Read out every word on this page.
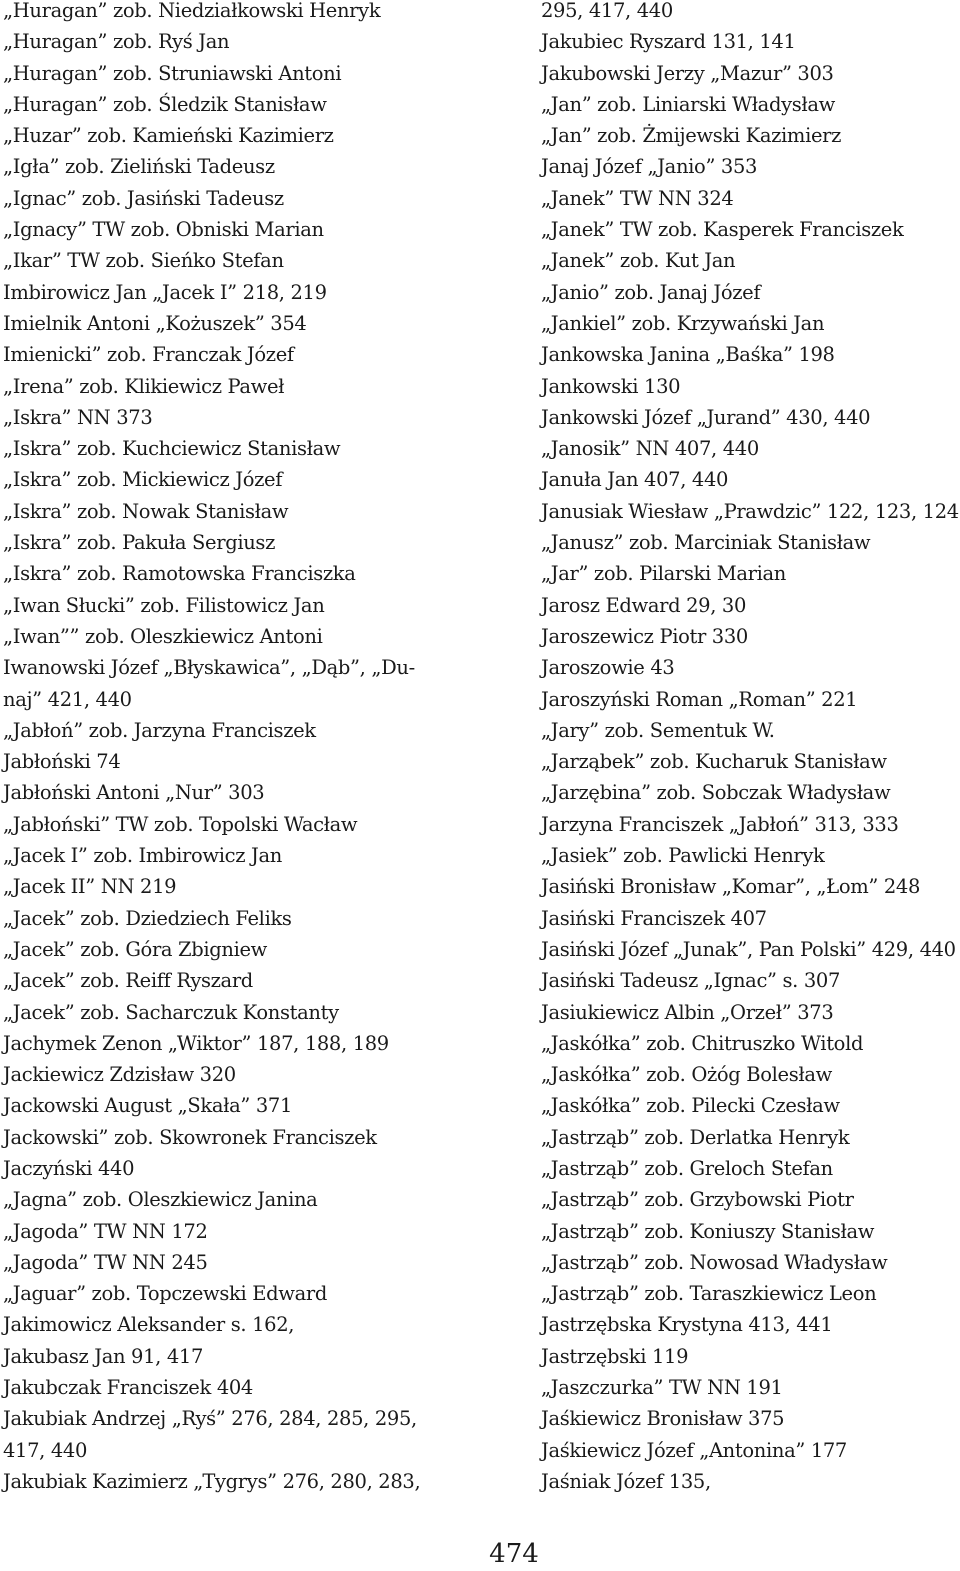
„Huragan” zob. Niedziałkowski Henryk
„Huragan” zob. Ryś Jan
„Huragan” zob. Struniawski Antoni
„Huragan” zob. Śledzik Stanisław
„Huzar” zob. Kamieński Kazimierz
„Igła” zob. Zieliński Tadeusz
„Ignac” zob. Jasiński Tadeusz
„Ignacy” TW zob. Obniski Marian
„Ikar” TW zob. Sieńko Stefan
Imbirowicz Jan „Jacek I” 218, 219
Imielnik Antoni „Kożuszek” 354
Imienicki” zob. Franczak Józef
„Irena” zob. Klikiewicz Paweł
„Iskra” NN 373
„Iskra” zob. Kuchciewicz Stanisław
„Iskra” zob. Mickiewicz Józef
„Iskra” zob. Nowak Stanisław
„Iskra” zob. Pakuła Sergiusz
„Iskra” zob. Ramotowska Franciszka
„Iwan Słucki” zob. Filistowicz Jan
„Iwan”” zob. Oleszkiewicz Antoni
Iwanowski Józef „Błyskawica”, „Dąb”, „Du-
naj” 421, 440
„Jabłoń” zob. Jarzyna Franciszek
Jabłoński 74
Jabłoński Antoni „Nur” 303
„Jabłoński” TW zob. Topolski Wacław
„Jacek I” zob. Imbirowicz Jan
„Jacek II” NN 219
„Jacek” zob. Dziedziech Feliks
„Jacek” zob. Góra Zbigniew
„Jacek” zob. Reiff Ryszard
„Jacek” zob. Sacharczuk Konstanty
Jachymek Zenon „Wiktor” 187, 188, 189
Jackiewicz Zdzisław 320
Jackowski August „Skała” 371
Jackowski” zob. Skowronek Franciszek
Jaczyński 440
„Jagna” zob. Oleszkiewicz Janina
„Jagoda” TW NN 172
„Jagoda” TW NN 245
„Jaguar” zob. Topczewski Edward
Jakimowicz Aleksander s. 162,
Jakubasz Jan 91, 417
Jakubczak Franciszek 404
Jakubiak Andrzej „Ryś” 276, 284, 285, 295,
417, 440
Jakubiak Kazimierz „Tygrys” 276, 280, 283,
295, 417, 440
Jakubiec Ryszard 131, 141
Jakubowski Jerzy „Mazur” 303
„Jan” zob. Liniarski Władysław
„Jan” zob. Żmijewski Kazimierz
Janaj Józef „Janio” 353
„Janek” TW NN 324
„Janek” TW zob. Kasperek Franciszek
„Janek” zob. Kut Jan
„Janio” zob. Janaj Józef
„Jankiel” zob. Krzywański Jan
Jankowska Janina „Baśka” 198
Jankowski 130
Jankowski Józef „Jurand” 430, 440
„Janosik” NN 407, 440
Januła Jan 407, 440
Janusiak Wiesław „Prawdzic” 122, 123, 124
„Janusz” zob. Marciniak Stanisław
„Jar” zob. Pilarski Marian
Jarosz Edward 29, 30
Jaroszewicz Piotr 330
Jaroszowie 43
Jaroszyński Roman „Roman” 221
„Jary” zob. Sementuk W.
„Jarząbek” zob. Kucharuk Stanisław
„Jarzębina” zob. Sobczak Władysław
Jarzyna Franciszek „Jabłoń” 313, 333
„Jasiek” zob. Pawlicki Henryk
Jasiński Bronisław „Komar”, „Łom” 248
Jasiński Franciszek 407
Jasiński Józef „Junak”, Pan Polski” 429, 440
Jasiński Tadeusz „Ignac” s. 307
Jasiukiewicz Albin „Orzeł” 373
„Jaskółka” zob. Chitruszko Witold
„Jaskółka” zob. Ożóg Bolesław
„Jaskółka” zob. Pilecki Czesław
„Jastrząb” zob. Derlatka Henryk
„Jastrząb” zob. Greloch Stefan
„Jastrząb” zob. Grzybowski Piotr
„Jastrząb” zob. Koniuszy Stanisław
„Jastrząb” zob. Nowosad Władysław
„Jastrząb” zob. Taraszkiewicz Leon
Jastrzębska Krystyna 413, 441
Jastrzębski 119
„Jaszczurka” TW NN 191
Jaśkiewicz Bronisław 375
Jaśkiewicz Józef „Antonina” 177
Jaśniak Józef 135,
474
